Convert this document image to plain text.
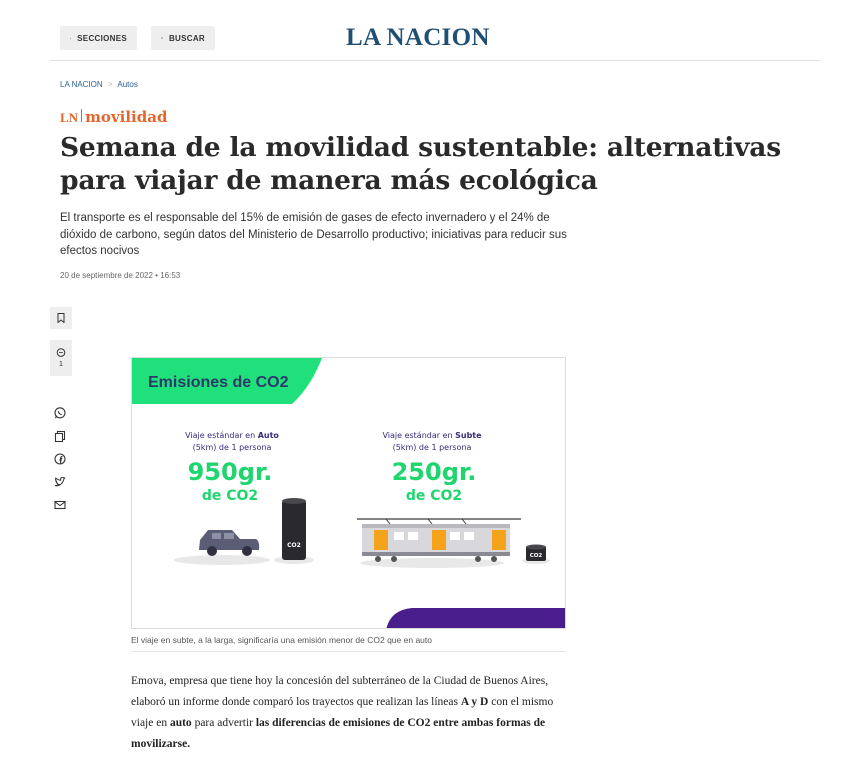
SECCIONES	BUSCAR	LA NACION
LA NACION > Autos
LN movilidad
Semana de la movilidad sustentable: alternativas para viajar de manera más ecológica

El transporte es el responsable del 15% de emisión de gases de efecto invernadero y el 24% de dióxido de carbono, según datos del Ministerio de Desarrollo productivo; iniciativas para reducir sus efectos nocivos

20 de septiembre de 2022 • 16:53
1
Emisiones de CO2
Viaje estándar en Auto
(5km) de 1 persona
950gr.
de CO2
CO2
Viaje estándar en Subte
(5km) de 1 persona
250gr.
de CO2
CO2
El viaje en subte, a la larga, significaría una emisión menor de CO2 que en auto

Emova, empresa que tiene hoy la concesión del subterráneo de la Ciudad de Buenos Aires, elaboró un informe donde comparó los trayectos que realizan las líneas A y D con el mismo viaje en auto para advertir las diferencias de emisiones de CO2 entre ambas formas de movilizarse.
